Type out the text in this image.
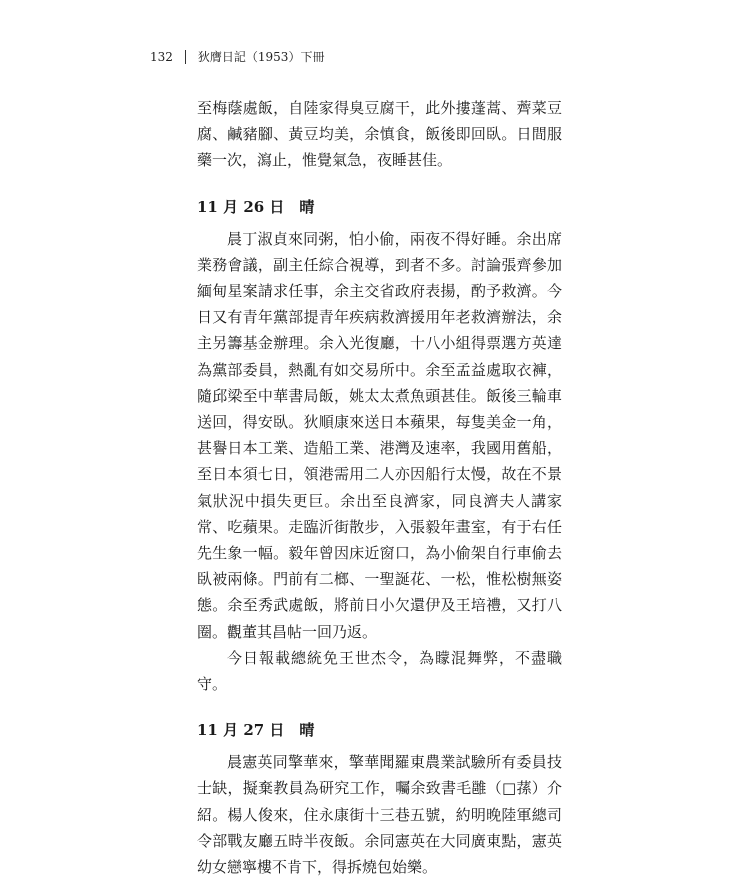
132 狄膺日記（1953）下冊

至梅蔭處飯，自陸家得臭豆腐干，此外摟蓬蒿、薺菜豆腐、鹹豬腳、黃豆均美，余慎食，飯後即回臥。日間服藥一次，瀉止，惟覺氣急，夜睡甚佳。

11 月 26 日 晴

晨丁淑貞來同粥，怕小偷，兩夜不得好睡。余出席業務會議，副主任綜合視導，到者不多。討論張齊參加緬甸星案請求任事，余主交省政府表揚，酌予救濟。今日又有青年黨部提青年疾病救濟援用年老救濟辦法，余主另籌基金辦理。余入光復廳，十八小組得票選方英達為黨部委員，熱亂有如交易所中。余至孟益處取衣褲，隨邱梁至中華書局飯，姚太太煮魚頭甚佳。飯後三輪車送回，得安臥。狄順康來送日本蘋果，每隻美金一角，甚譽日本工業、造船工業、港灣及速率，我國用舊船，至日本須七日，領港需用二人亦因船行太慢，故在不景氣狀況中損失更巨。余出至良濟家，同良濟夫人講家常、吃蘋果。走臨沂街散步，入張毅年畫室，有于右任先生象一幅。毅年曾因床近窗口，為小偷架自行車偷去臥被兩條。門前有二榔、一聖誕花、一松，惟松樹無姿態。余至秀武處飯，將前日小欠還伊及王培禮，又打八圈。觀董其昌帖一回乃返。

今日報載總統免王世杰令，為矇混舞弊，不盡職守。

11 月 27 日 晴

晨憲英同擎華來，擎華聞羅東農業試驗所有委員技士缺，擬棄教員為研究工作，囑余致書毛雝（□蓀）介紹。楊人俊來，住永康街十三巷五號，約明晚陸軍總司令部戰友廳五時半夜飯。余同憲英在大同廣東點，憲英幼女戀寧樓不肯下，得拆燒包始樂。
